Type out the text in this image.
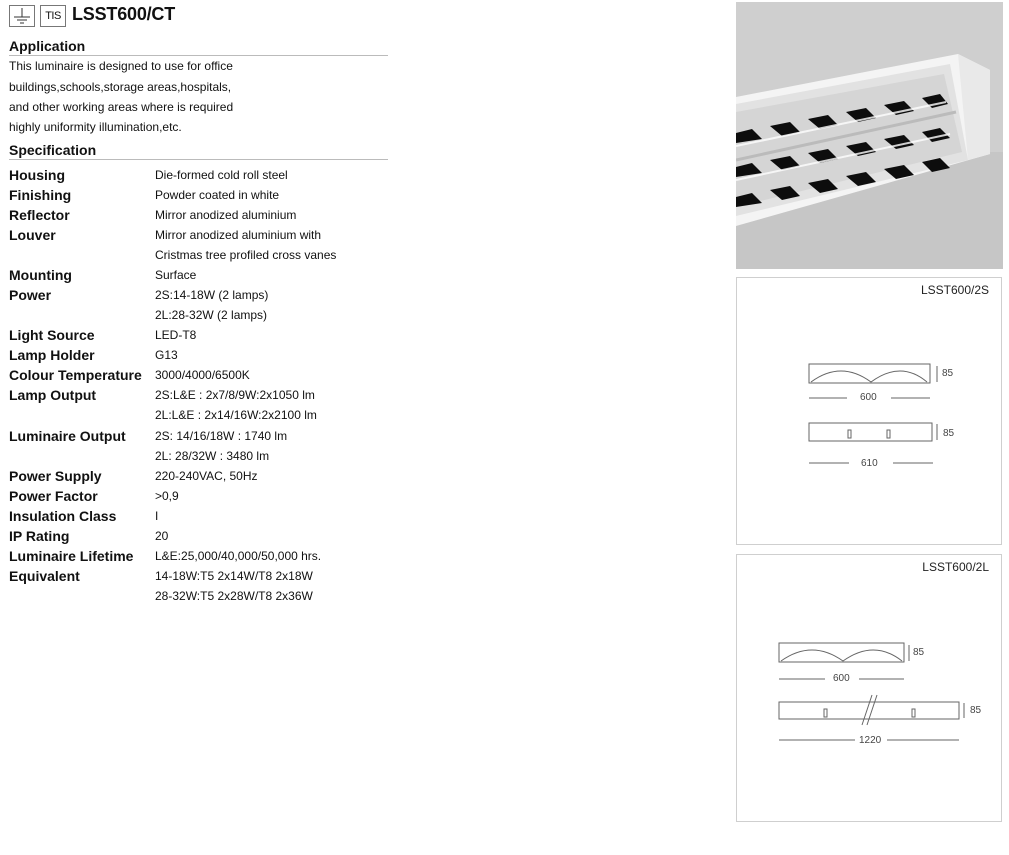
TIS LSST600/CT
Application
This luminaire is designed to use for office
buildings,schools,storage areas,hospitals,
and other working areas where is required
highly uniformity illumination,etc.
Specification
Housing	Die-formed cold roll steel
Finishing	Powder coated in white
Reflector	Mirror anodized aluminium
Louver	Mirror anodized aluminium with
Cristmas tree profiled cross vanes
Mounting	Surface
Power	2S:14-18W (2 lamps)
2L:28-32W (2 lamps)
Light Source	LED-T8
Lamp Holder	G13
Colour Temperature 3000/4000/6500K
Lamp Output	2S:L&E : 2x7/8/9W:2x1050 lm
2L:L&E : 2x14/16W:2x2100 lm
Luminaire Output 2S: 14/16/18W : 1740 lm
2L: 28/32W : 3480 lm
Power Supply	220-240VAC, 50Hz
Power Factor	>0,9
Insulation Class	I
IP Rating	20
Luminaire Lifetime L&E:25,000/40,000/50,000 hrs.
Equivalent	14-18W:T5 2x14W/T8 2x18W
28-32W:T5 2x28W/T8 2x36W
LSST600/2S
85
600
85
610
LSST600/2L
85
600
85
1220
